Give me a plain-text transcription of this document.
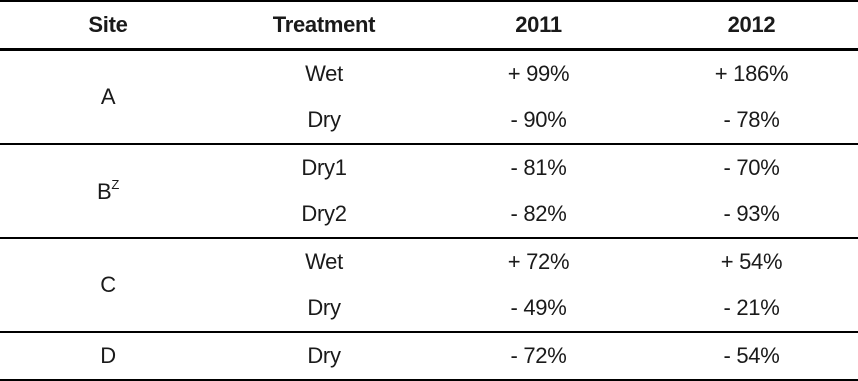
Site	Treatment	2011	2012
A	Wet	+ 99%	+ 186%
	Dry	- 90%	- 78%
$B^Z$	Dry1	- 81%	- 70%
	Dry2	- 82%	- 93%
C	Wet	+ 72%	+ 54%
	Dry	- 49%	- 21%
D	Dry	- 72%	- 54%
